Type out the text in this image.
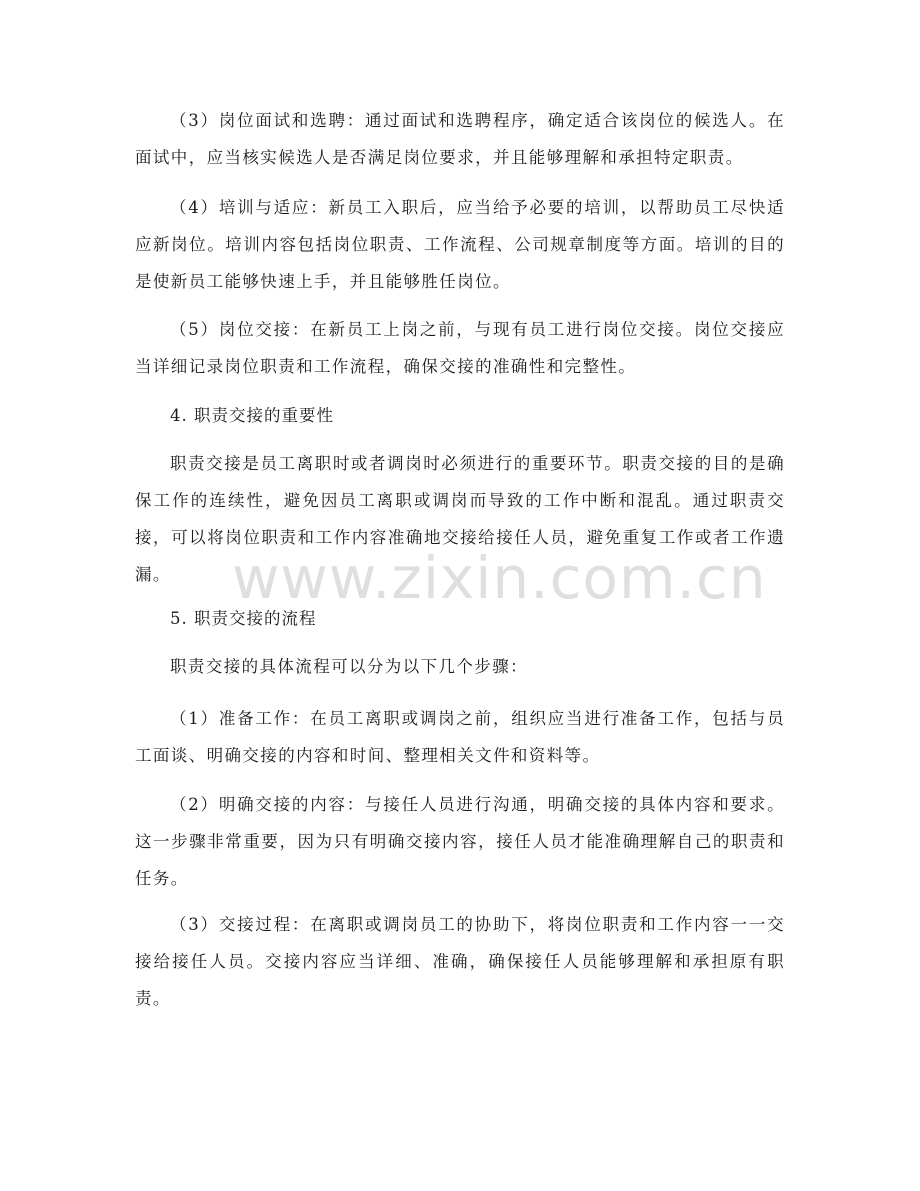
（3）岗位面试和选聘：通过面试和选聘程序，确定适合该岗位的候选人。在面试中，应当核实候选人是否满足岗位要求，并且能够理解和承担特定职责。

（4）培训与适应：新员工入职后，应当给予必要的培训，以帮助员工尽快适应新岗位。培训内容包括岗位职责、工作流程、公司规章制度等方面。培训的目的是使新员工能够快速上手，并且能够胜任岗位。

（5）岗位交接：在新员工上岗之前，与现有员工进行岗位交接。岗位交接应当详细记录岗位职责和工作流程，确保交接的准确性和完整性。

4. 职责交接的重要性

职责交接是员工离职时或者调岗时必须进行的重要环节。职责交接的目的是确保工作的连续性，避免因员工离职或调岗而导致的工作中断和混乱。通过职责交接，可以将岗位职责和工作内容准确地交接给接任人员，避免重复工作或者工作遗漏。

5. 职责交接的流程

职责交接的具体流程可以分为以下几个步骤：

（1）准备工作：在员工离职或调岗之前，组织应当进行准备工作，包括与员工面谈、明确交接的内容和时间、整理相关文件和资料等。

（2）明确交接的内容：与接任人员进行沟通，明确交接的具体内容和要求。这一步骤非常重要，因为只有明确交接内容，接任人员才能准确理解自己的职责和任务。

（3）交接过程：在离职或调岗员工的协助下，将岗位职责和工作内容一一交接给接任人员。交接内容应当详细、准确，确保接任人员能够理解和承担原有职责。

www.zixin.com.cn
